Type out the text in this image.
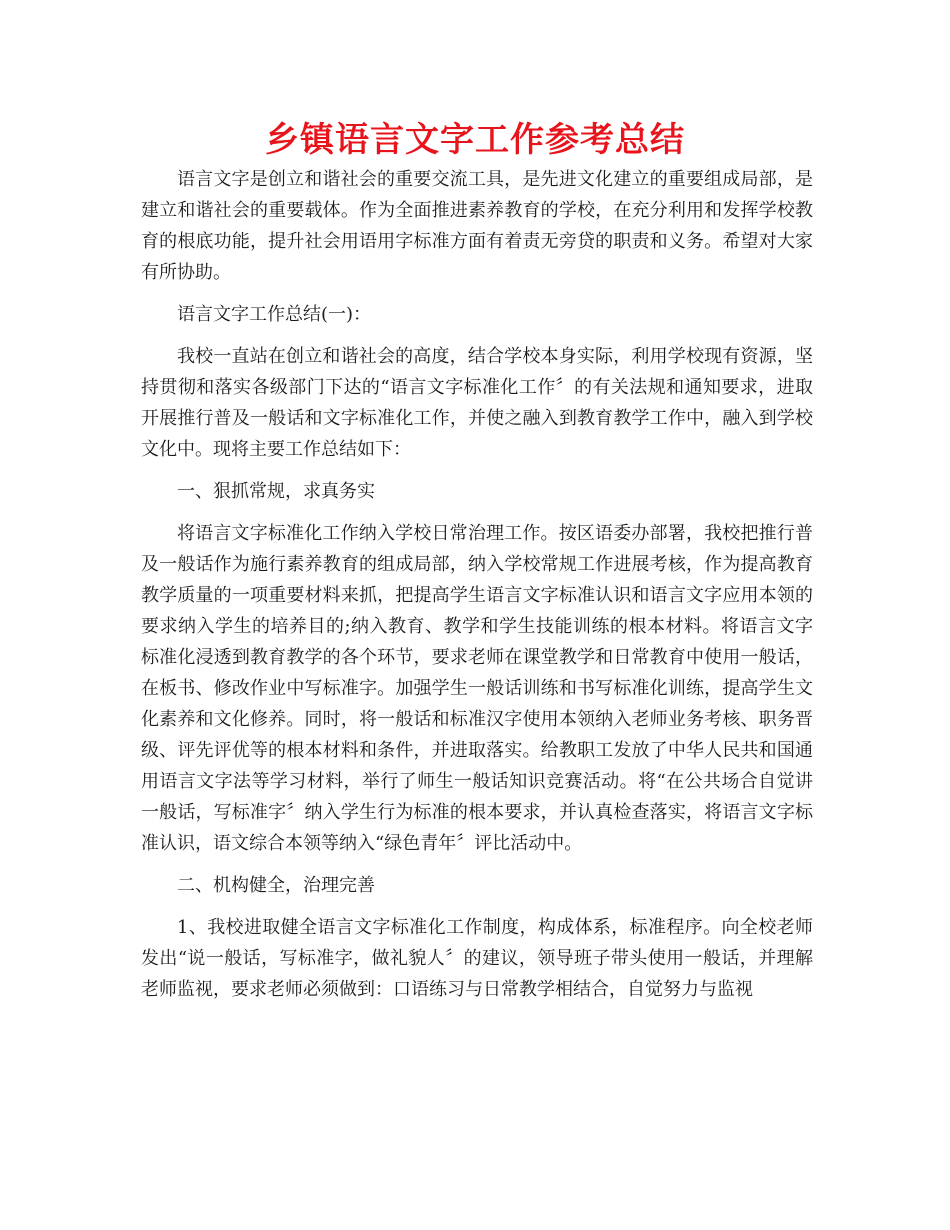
乡镇语言文字工作参考总结

语言文字是创立和谐社会的重要交流工具，是先进文化建立的重要组成局部，是建立和谐社会的重要载体。作为全面推进素养教育的学校，在充分利用和发挥学校教育的根底功能，提升社会用语用字标准方面有着责无旁贷的职责和义务。希望对大家有所协助。

语言文字工作总结(一)：

我校一直站在创立和谐社会的高度，结合学校本身实际，利用学校现有资源，坚持贯彻和落实各级部门下达的“语言文字标准化工作〞的有关法规和通知要求，进取开展推行普及一般话和文字标准化工作，并使之融入到教育教学工作中，融入到学校文化中。现将主要工作总结如下：

一、狠抓常规，求真务实

将语言文字标准化工作纳入学校日常治理工作。按区语委办部署，我校把推行普及一般话作为施行素养教育的组成局部，纳入学校常规工作进展考核，作为提高教育教学质量的一项重要材料来抓，把提高学生语言文字标准认识和语言文字应用本领的要求纳入学生的培养目的;纳入教育、教学和学生技能训练的根本材料。将语言文字标准化浸透到教育教学的各个环节，要求老师在课堂教学和日常教育中使用一般话，在板书、修改作业中写标准字。加强学生一般话训练和书写标准化训练，提高学生文化素养和文化修养。同时，将一般话和标准汉字使用本领纳入老师业务考核、职务晋级、评先评优等的根本材料和条件，并进取落实。给教职工发放了中华人民共和国通用语言文字法等学习材料，举行了师生一般话知识竞赛活动。将“在公共场合自觉讲一般话，写标准字〞纳入学生行为标准的根本要求，并认真检查落实，将语言文字标准认识，语文综合本领等纳入“绿色青年〞评比活动中。

二、机构健全，治理完善

1、我校进取健全语言文字标准化工作制度，构成体系，标准程序。向全校老师发出“说一般话，写标准字，做礼貌人〞的建议，领导班子带头使用一般话，并理解老师监视，要求老师必须做到：口语练习与日常教学相结合，自觉努力与监视
